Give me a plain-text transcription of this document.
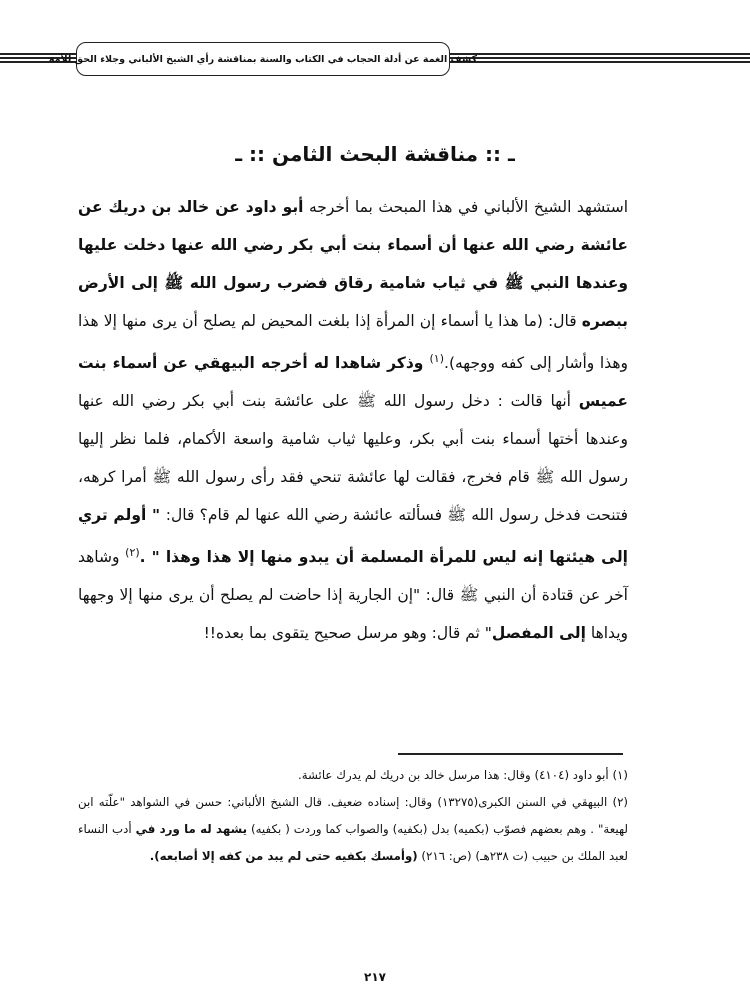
كشف الغمة عن أدلة الحجاب في الكتاب والسنة بمناقشة رأي الشيخ الألباني وجلاء الحق للأمة
ـ :: مناقشة البحث الثامن :: ـ
استشهد الشيخ الألباني في هذا المبحث بما أخرجه أبو داود عن خالد بن دريك عن عائشة رضي الله عنها أن أسماء بنت أبي بكر رضي الله عنها دخلت عليها وعندها النبي ﷺ في ثياب شامية رقاق فضرب رسول الله ﷺ إلى الأرض ببصره قال: (ما هذا يا أسماء إن المرأة إذا بلغت المحيض لم يصلح أن يرى منها إلا هذا وهذا وأشار إلى كفه ووجهه).$^{(١)}$ وذكر شاهدا له أخرجه البيهقي عن أسماء بنت عميس أنها قالت : دخل رسول الله ﷺ على عائشة بنت أبي بكر رضي الله عنها وعندها أختها أسماء بنت أبي بكر، وعليها ثياب شامية واسعة الأكمام، فلما نظر إليها رسول الله ﷺ قام فخرج، فقالت لها عائشة تنحي فقد رأى رسول الله ﷺ أمرا كرهه، فتنحت فدخل رسول الله ﷺ فسألته عائشة رضي الله عنها لم قام؟ قال: " أولم تري إلى هيئتها إنه ليس للمرأة المسلمة أن يبدو منها إلا هذا وهذا " .$^{(٢)}$ وشاهد آخر عن قتادة أن النبي ﷺ قال: "إن الجارية إذا حاضت لم يصلح أن يرى منها إلا وجهها ويداها إلى المفصل" ثم قال: وهو مرسل صحيح يتقوى بما بعده!!

(١) أبو داود (٤١٠٤) وقال: هذا مرسل خالد بن دريك لم يدرك عائشة.

(٢) البيهقي في السنن الكبرى(١٣٢٧٥) وقال: إسناده ضعيف. قال الشيخ الألباني: حسن في الشواهد "علّته ابن لهيعة" . وهم بعضهم فصوّب (بكميه) بدل (بكفيه) والصواب كما وردت ( بكفيه) يشهد له ما ورد في أدب النساء لعبد الملك بن حبيب (ت ٢٣٨هـ) (ص: ٢١٦) (وأمسك بكفيه حتى لم يبد من كفه إلا أصابعه).

٢١٧
